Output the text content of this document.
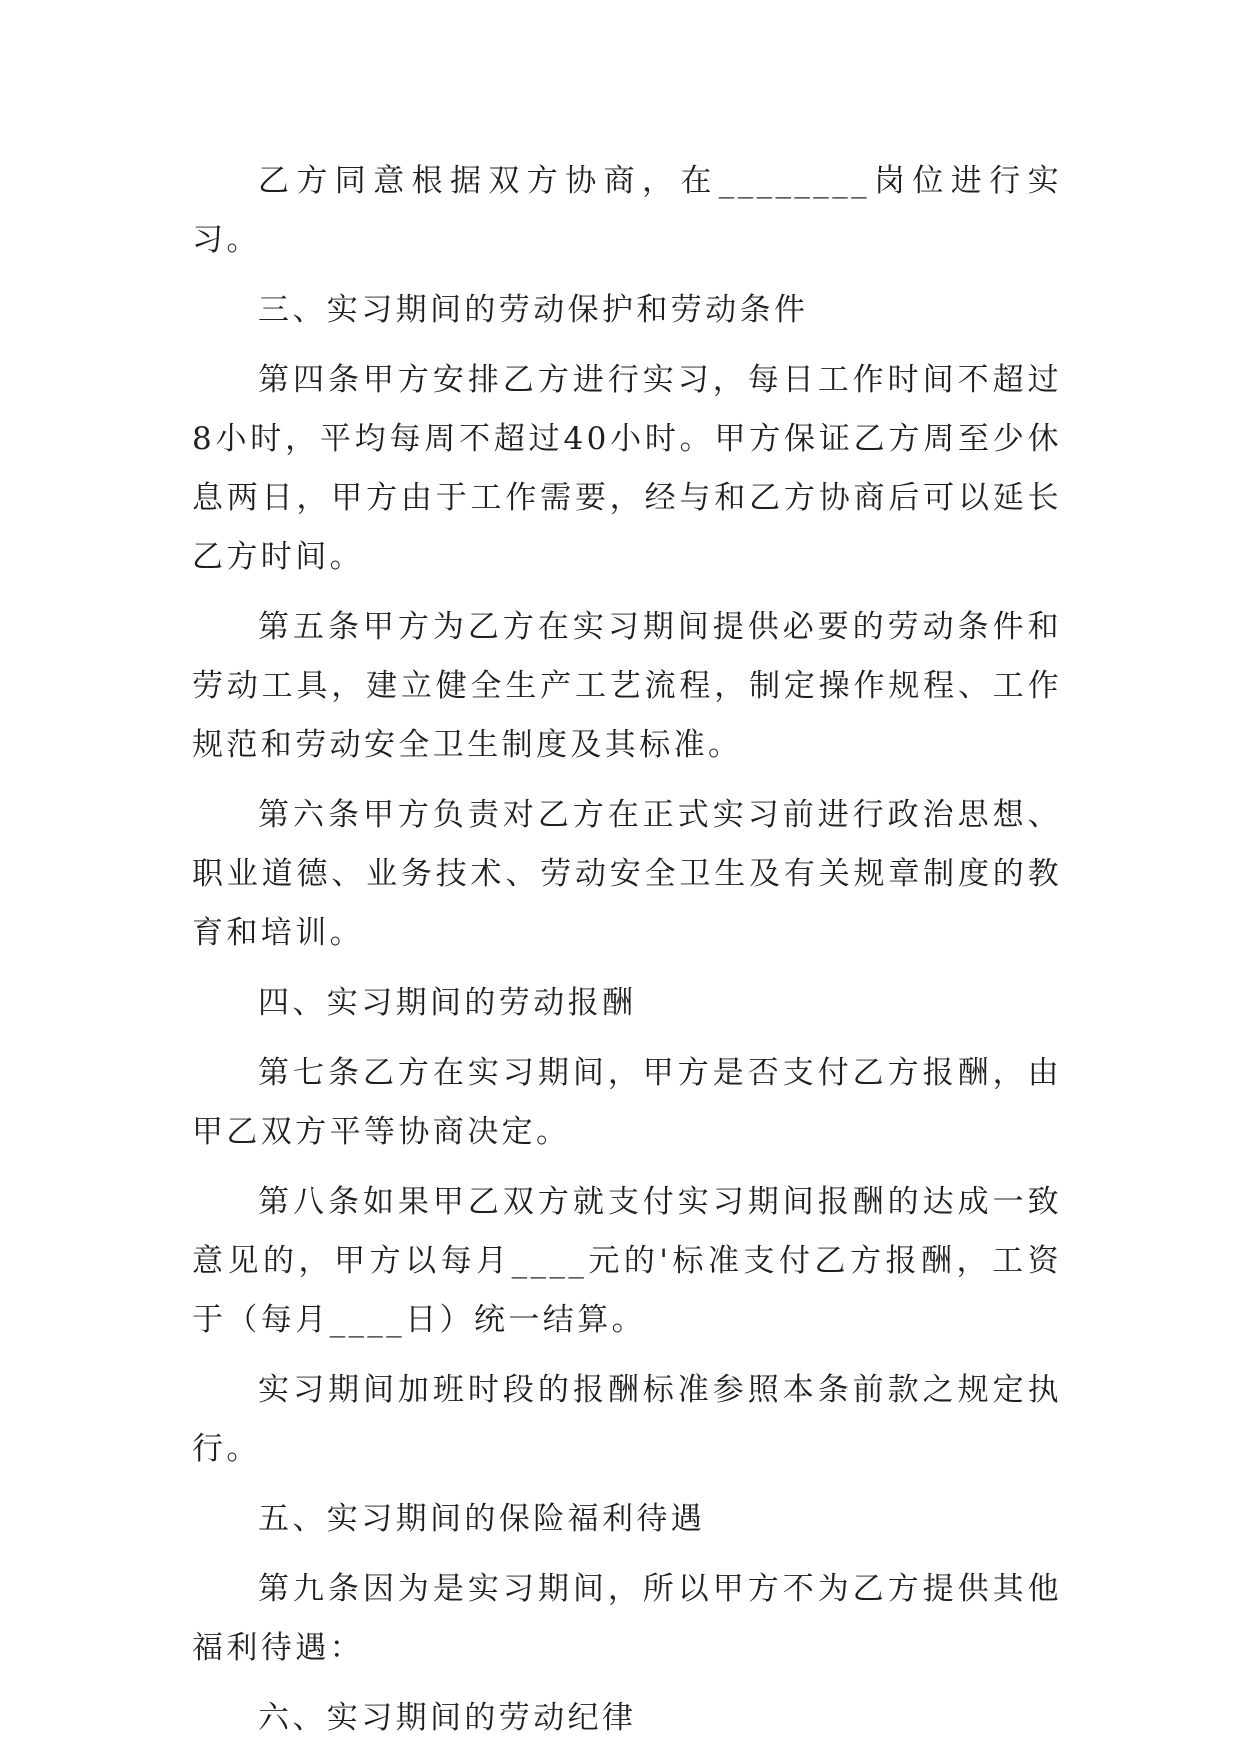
乙方同意根据双方协商，在________岗位进行实习。

三、实习期间的劳动保护和劳动条件

第四条甲方安排乙方进行实习，每日工作时间不超过8小时，平均每周不超过40小时。甲方保证乙方周至少休息两日，甲方由于工作需要，经与和乙方协商后可以延长乙方时间。

第五条甲方为乙方在实习期间提供必要的劳动条件和劳动工具，建立健全生产工艺流程，制定操作规程、工作规范和劳动安全卫生制度及其标准。

第六条甲方负责对乙方在正式实习前进行政治思想、职业道德、业务技术、劳动安全卫生及有关规章制度的教育和培训。

四、实习期间的劳动报酬

第七条乙方在实习期间，甲方是否支付乙方报酬，由甲乙双方平等协商决定。

第八条如果甲乙双方就支付实习期间报酬的达成一致意见的，甲方以每月____元的'标准支付乙方报酬，工资于（每月____日）统一结算。

实习期间加班时段的报酬标准参照本条前款之规定执行。

五、实习期间的保险福利待遇

第九条因为是实习期间，所以甲方不为乙方提供其他福利待遇：

六、实习期间的劳动纪律
